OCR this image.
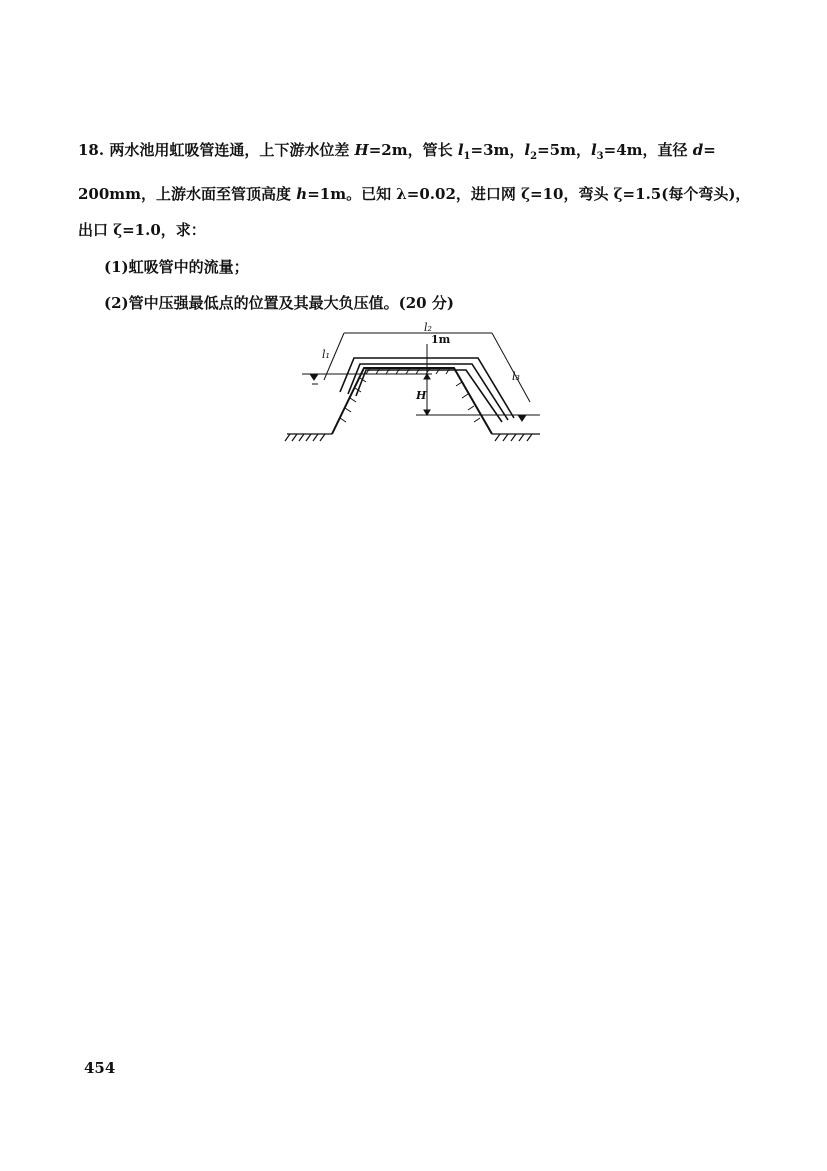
18. 两水池用虹吸管连通，上下游水位差 H=2m，管长 $l_1=3m$，$l_2=5m$，$l_3=4m$，直径 d=
200mm，上游水面至管顶高度 h=1m。已知 λ=0.02，进口网 ζ=10，弯头 ζ=1.5(每个弯头)，
出口 ζ=1.0，求：
(1)虹吸管中的流量；
(2)管中压强最低点的位置及其最大负压值。(20 分)
H
1m
l₂
l₁
l₃
454
